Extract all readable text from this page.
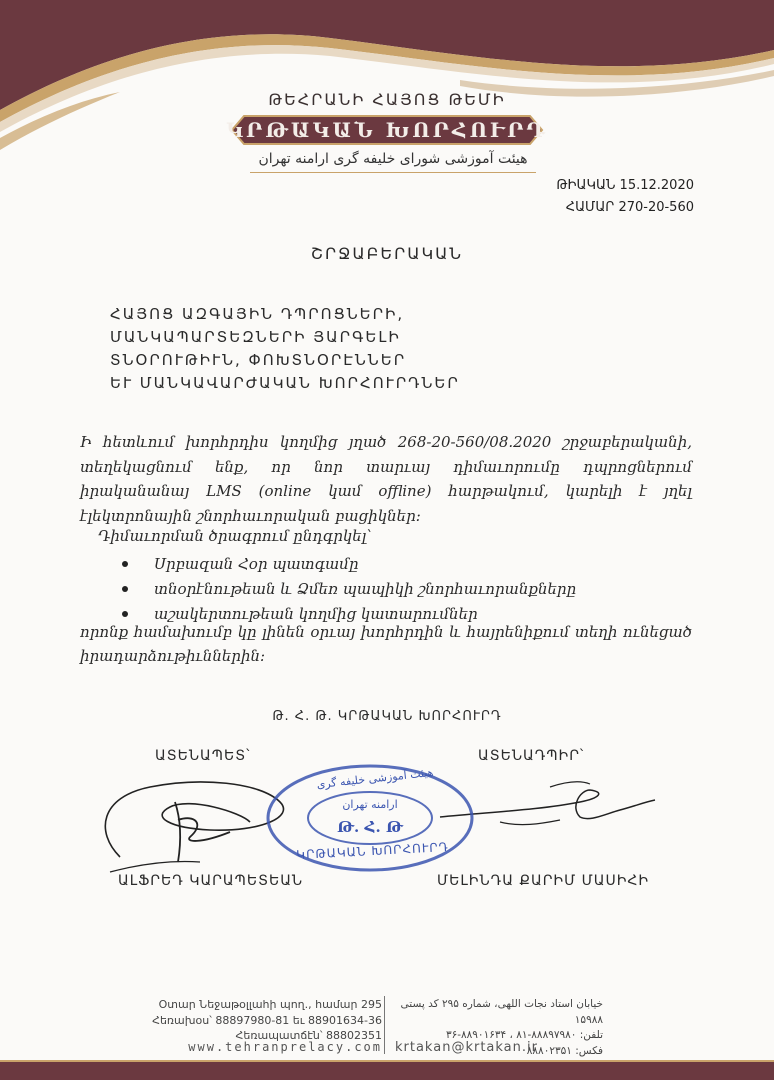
ԹԵՀՐԱՆԻ ՀԱՅՈՑ ԹԵՄԻ
ԿՐԹԱԿԱՆ ԽՈՐՀՈՒՐԴ
هیئت آموزشی شورای خلیفه گری ارامنه تهران
ԹԻԱԿԱՆ 15.12.2020
ՀԱՄԱՐ 270-20-560
ՇՐՋԱԲԵՐԱԿԱՆ
ՀԱՅՈՑ ԱԶԳԱՅԻՆ ԴՊՐՈՑՆԵՐԻ,
ՄԱՆԿԱՊԱՐՏԵԶՆԵՐԻ ՅԱՐԳԵԼԻ
ՏՆՕՐՈՒԹԻՒՆ, ՓՈԽՏՆՕՐԷՆՆԵՐ
ԵՒ ՄԱՆԿԱՎԱՐԺԱԿԱՆ ԽՈՐՀՈՒՐԴՆԵՐ
Ի հետևում խորհրդիս կողմից յղած 268-20-560/08.2020 շրջաբերականի, տեղեկացնում ենք, որ նոր տարւայ դիմաւորումը դպրոցներում իրականանայ LMS (online կամ offline) հարթակում, կարելի է յղել էլեկտրոնային շնորհաւորական բացիկներ:
Դիմաւորման ծրագրում ընդգրկել՝
Սրբազան Հօր պատգամը
տնօրէնութեան և Ձմեռ պապիկի շնորհաւորանքները
աշակերտութեան կողմից կատարումներ
որոնք համախումբ կը լինեն օրւայ խորհրդին և հայրենիքում տեղի ունեցած իրադարձութիւններին:
Թ. Հ. Թ. ԿՐԹԱԿԱՆ ԽՈՐՀՈՒՐԴ
ԱՏԵՆԱՊԵՏ՝	ԱՏԵՆԱԴՊԻՐ՝
هیئت آموزشی خلیفه گری
ارامنه تهران
Թ. Հ. Թ
ԿՐԹԱԿԱՆ ԽՈՐՀՈՒՐԴ
ԱԼՖՐԵԴ ԿԱՐԱՊԵՏԵԱՆ	ՄԵԼԻՆԴԱ ՔԱՐԻՄ ՄԱՍԻՀԻ
Օտար Նեջաթօլլահի պող., համար 295
Հեռախօս՝ 88897980-81 եւ 88901634-36
Հեռապատճէն՝ 88802351
خیابان استاد نجات اللهی، شماره ۲۹۵ کد پستی ۱۵۹۸۸
تلفن: ۸۸۸۹۷۹۸۰-۸۱ ، ۸۸۹۰۱۶۳۴-۳۶
فکس: ۸۸۸۰۲۳۵۱
www.tehranprelacy.com krtakan@krtakan.ir
